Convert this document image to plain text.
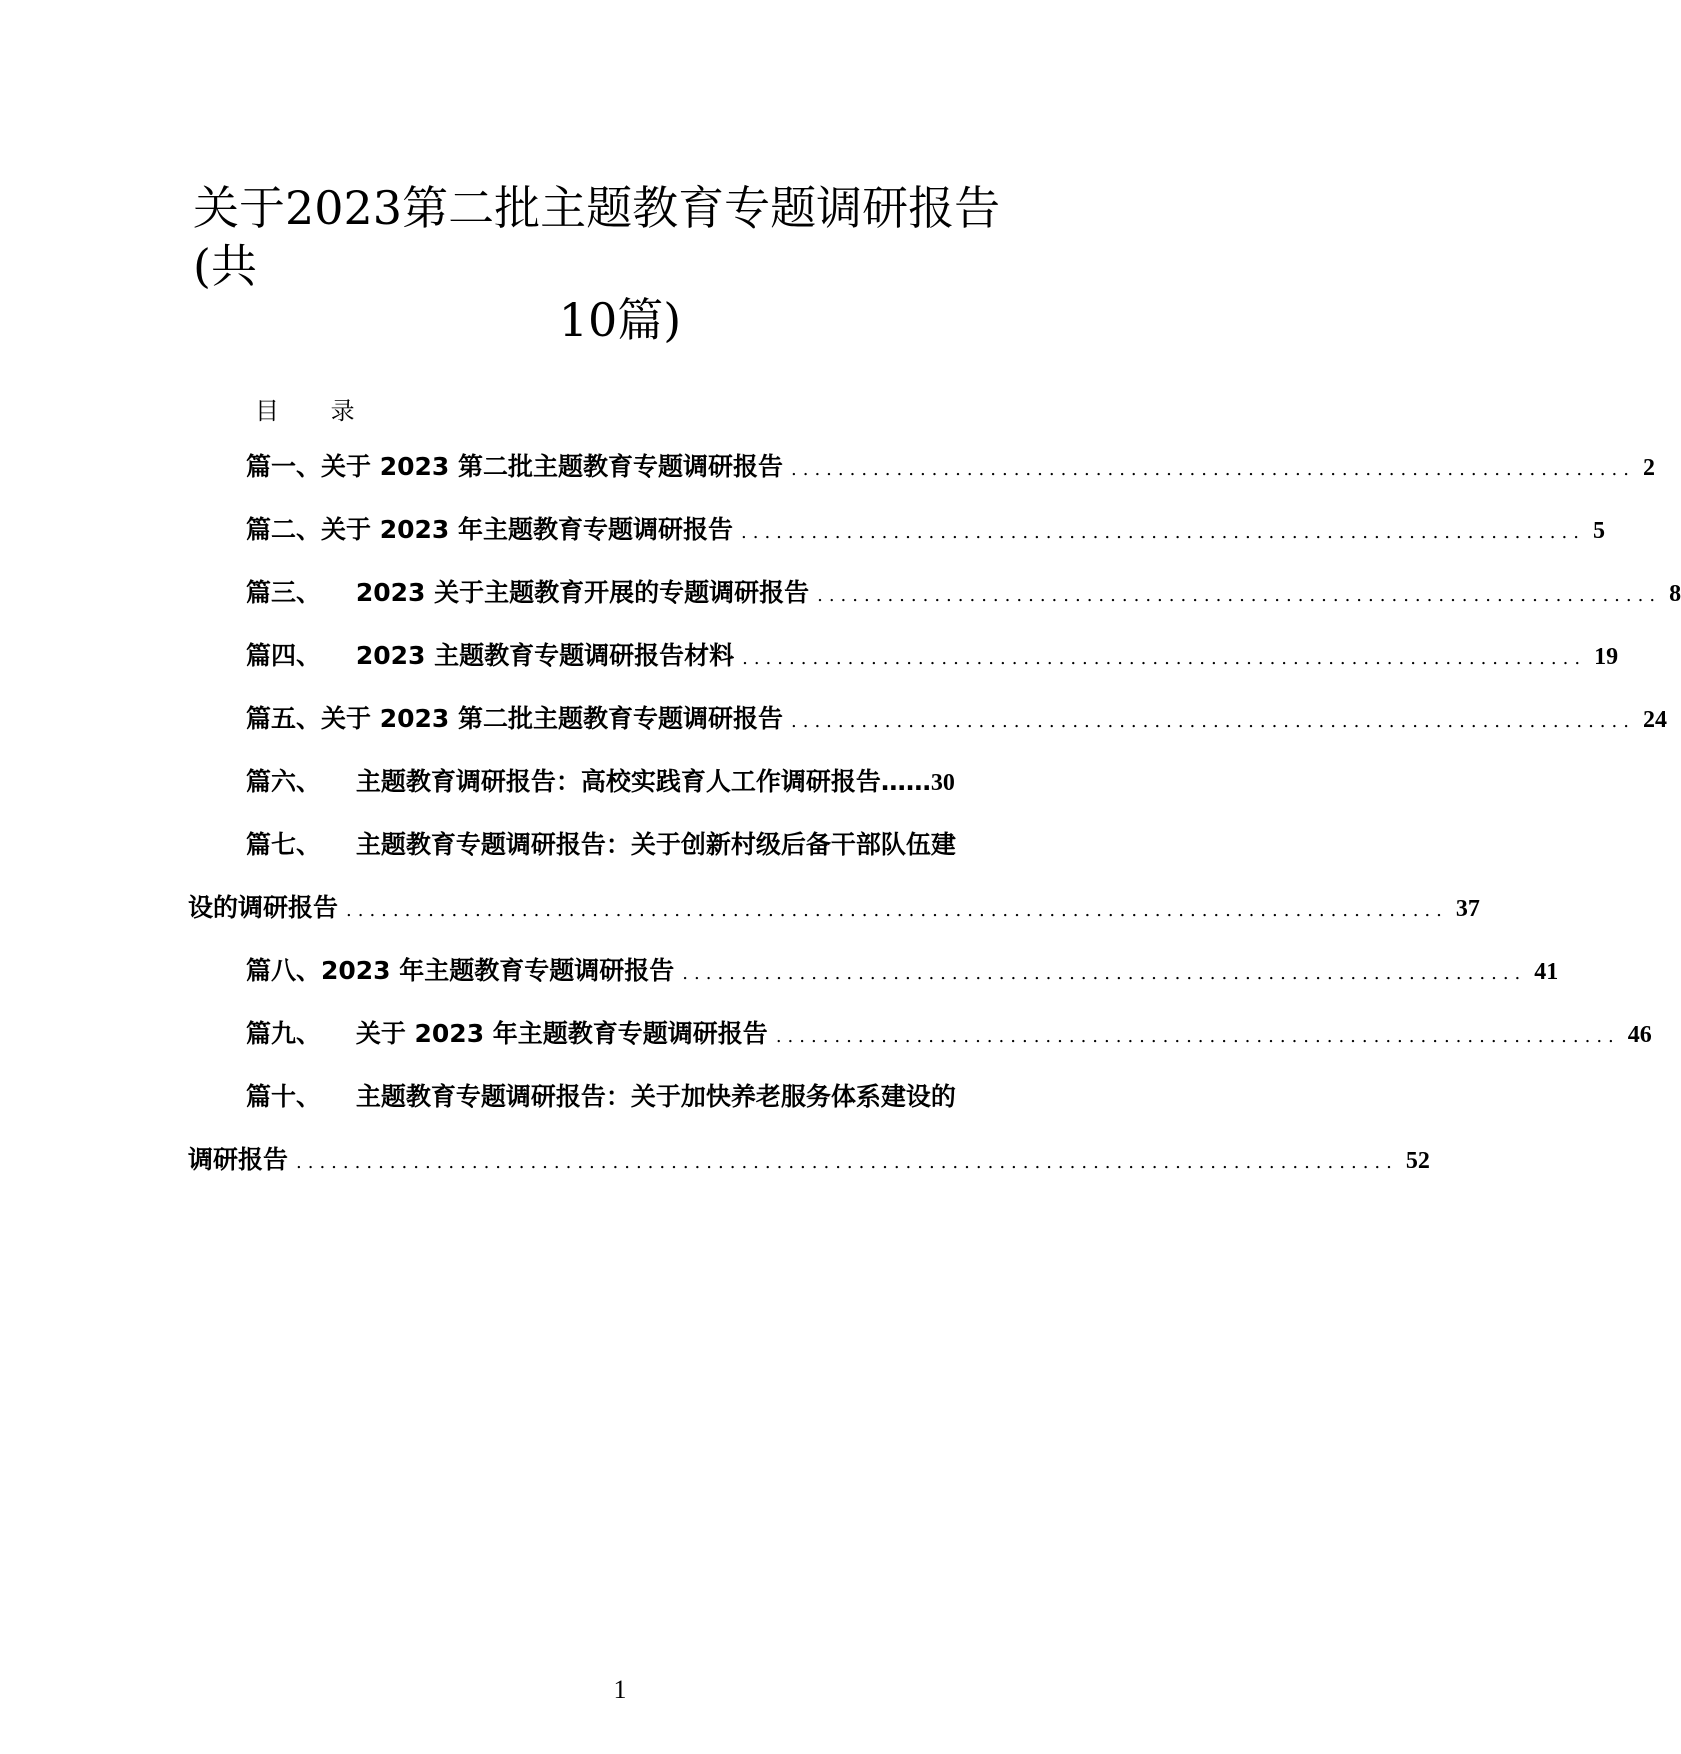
关于2023第二批主题教育专题调研报告
(共
10篇)
目 录
篇一、关于 2023 第二批主题教育专题调研报告 ........................................................................ 2
篇二、关于 2023 年主题教育专题调研报告 ........................................................................ 5
篇三、    2023 关于主题教育开展的专题调研报告 ........................................................................ 8
篇四、    2023 主题教育专题调研报告材料 ........................................................................ 19
篇五、关于 2023 第二批主题教育专题调研报告 ........................................................................ 24
篇六、    主题教育调研报告：高校实践育人工作调研报告…… 30
篇七、    主题教育专题调研报告：关于创新村级后备干部队伍建
设的调研报告 .............................................................................................. 37
篇八、2023 年主题教育专题调研报告 ........................................................................ 41
篇九、    关于 2023 年主题教育专题调研报告 ........................................................................ 46
篇十、    主题教育专题调研报告：关于加快养老服务体系建设的
调研报告 .............................................................................................. 52
1
